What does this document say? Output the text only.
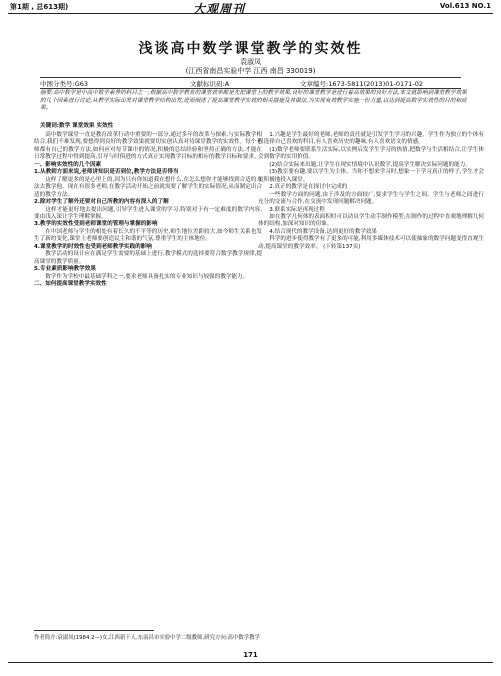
第1期 , 总613期)	大观周刊	Vol.613 NO.1
浅谈高中数学课堂教学的实效性
袁淑凤
(江西省南昌实验中学 江西 南昌 330019)
中图分类号:G63	文献标识码:A	文章编号:1673-5811(2013)01-0171-02
摘要:高中数学是中高中数学素养的科目之一,根据高中数学教育的课堂效率都是先把课堂上的教学效果,良好的课堂教学是进行着高效果的良好方法,本文就影响到课堂教学效果的几个因素进行讨论,从教学实际出发对课堂教学结构出发,进而阐述了提高课堂教学实效的相关措施及其做法,为实现有效教学实施一份力量,以达到提高数学实效性的目的和成果。
关键词:数学 课堂效果 实效性

高中数学课堂一直是教育改革行动中重要的一部分,通过多年的改革与探索,与实际教学相结合,我们不难发现,要想得到良好的教学效果就要切实创认真对待课堂教学的实效性。每个老师都有自己的教学方法,如何应对每节课中的情况,积极的总结经验和坚持正确的方法,才能在日常教学过程中得到提高,引导与时俱进的方式真正实现教学目标的相应的教学目标和要求。

一、影响实效性的几个因素

1.从教师方面来说,老师讲知识是否到位,教学方法是否得当

这样了解更多的是心里上的,因为只有你知道我在想什么,在怎么想你才能够找到合适的方法去教学他。现在有很多老师,在教学活动开始之前就需要了解学生的实际情况,从而制定出合适的教学方法。

2.除对学生了解外还要对自己所教的内容有深入的了解

这样才能更好地去提出问题,引导学生进入课堂的学习,特别对于有一定难度的数学内容,要由浅入深让学生理解掌握。

3.教学的实效性受到老师课堂的管理与掌握的影响

在中国老师与学生的相处有着长久的不平等的历史,师生地位差距较大,如今师生关系也发生了新的变化,课堂上老师要创造民主和谐的气氛,尊重学生的主体地位。

4.课堂教学的时效性也受到老师教学实践的影响

教学活动的设计应在满足学生需要的基础上进行,教学模式的选择要符合数学教学规律,提高课堂的教学质量。

5.专业素质影响教学效果

数学作为学校中最基础学科之一,要求老师具备扎实的专业知识与较强的教学能力。

二、如何提高课堂教学实效性

1.兴趣是学生最好的老师,老师的责任就是引发学生学习的兴趣。学生作为独立的个体有权选择自己喜欢的科目,有人喜欢历史的趣味,有人喜欢语文的情感。

(1)数学老师要联系生活实际,以实例启发学生学习的热情,把数学与生活相结合,让学生体会到数学的实用价值。

(2)结合实际来出题,让学生在现实情境中认识数学,提高学生解决实际问题的能力。

(3)教室要有趣,要以学生为主体。当你不想来学习时,想象一下学习真正的样子,学生才会更积极地投入课堂。

2.真正的教学是在探讨中完成的

一些数学方面的问题,由于涉及的方面较广,要求学生与学生之间、学生与老师之间进行充分的交流与合作,在交流中发现问题解决问题。

3.联系实际是再现过程

如在教学几何体的表面积时可以动员学生动手制作模型,在制作的过程中直观地理解几何体的结构,加深对知识的印象。

4.结合现代的教学设备,达到更好的教学效果

科学的进步使得教学有了更多的可能,利用多媒体技术可以使抽象的数学问题变得直观生动,提高课堂的教学效率。 (下转第137页)

作者简介:袁淑凤(1984.2—)女,江西新干人,东南昌市实验中学二级教师,研究方向:高中数学教学
171
